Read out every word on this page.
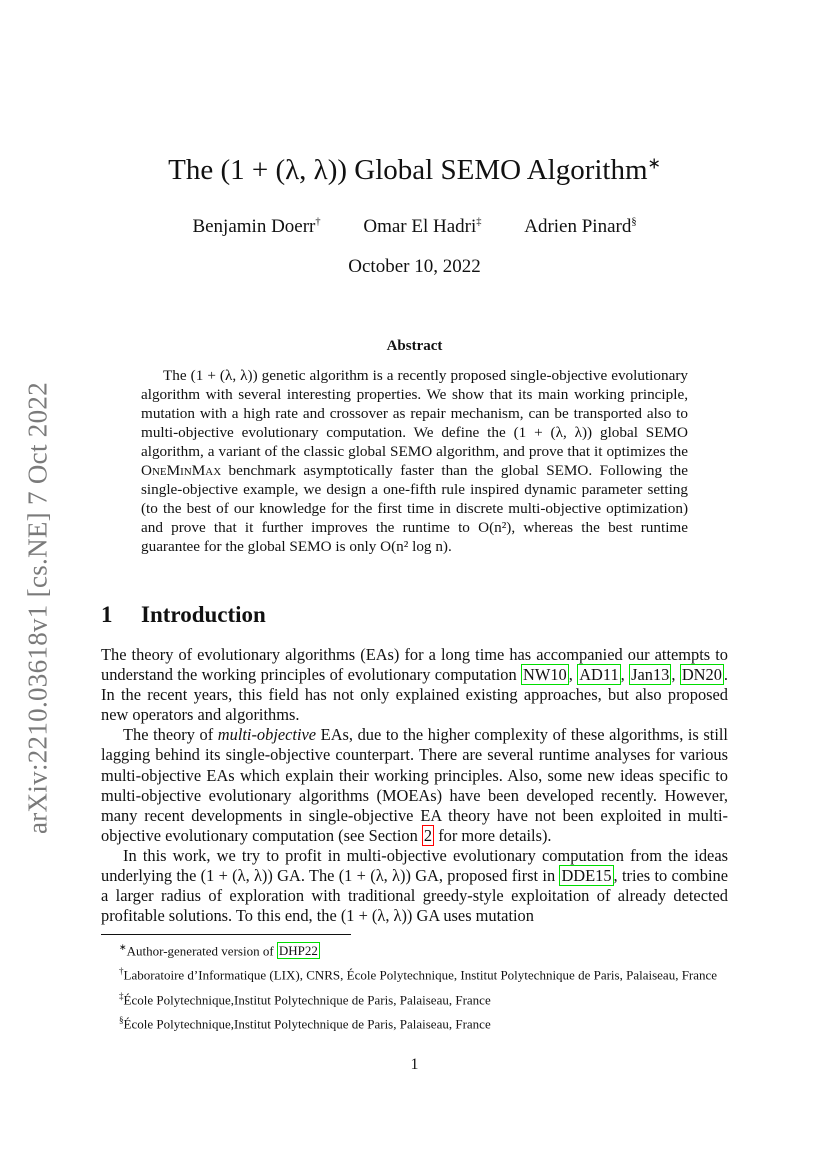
arXiv:2210.03618v1 [cs.NE] 7 Oct 2022
The (1 + (λ, λ)) Global SEMO Algorithm∗
Benjamin Doerr† Omar El Hadri‡ Adrien Pinard§
October 10, 2022
Abstract
The (1 + (λ, λ)) genetic algorithm is a recently proposed single-objective evolutionary algorithm with several interesting properties. We show that its main working principle, mutation with a high rate and crossover as repair mechanism, can be transported also to multi-objective evolutionary computation. We define the (1 + (λ, λ)) global SEMO algorithm, a variant of the classic global SEMO algorithm, and prove that it optimizes the OneMinMax benchmark asymptotically faster than the global SEMO. Following the single-objective example, we design a one-fifth rule inspired dynamic parameter setting (to the best of our knowledge for the first time in discrete multi-objective optimization) and prove that it further improves the runtime to O(n²), whereas the best runtime guarantee for the global SEMO is only O(n² log n).
1 Introduction

The theory of evolutionary algorithms (EAs) for a long time has accompanied our attempts to understand the working principles of evolutionary computation NW10 , AD11 , Jan13 , DN20 . In the recent years, this field has not only explained existing approaches, but also proposed new operators and algorithms.

The theory of multi-objective EAs, due to the higher complexity of these algorithms, is still lagging behind its single-objective counterpart. There are several runtime analyses for various multi-objective EAs which explain their working principles. Also, some new ideas specific to multi-objective evolutionary algorithms (MOEAs) have been developed recently. However, many recent developments in single-objective EA theory have not been exploited in multi-objective evolutionary computation (see Section 2 for more details).

In this work, we try to profit in multi-objective evolutionary computation from the ideas underlying the (1 + (λ, λ)) GA. The (1 + (λ, λ)) GA, proposed first in DDE15 , tries to combine a larger radius of exploration with traditional greedy-style exploitation of already detected profitable solutions. To this end, the (1 + (λ, λ)) GA uses mutation

∗Author-generated version of DHP22

†Laboratoire d’Informatique (LIX), CNRS, École Polytechnique, Institut Polytechnique de Paris, Palaiseau, France

‡École Polytechnique,Institut Polytechnique de Paris, Palaiseau, France

§École Polytechnique,Institut Polytechnique de Paris, Palaiseau, France

1
